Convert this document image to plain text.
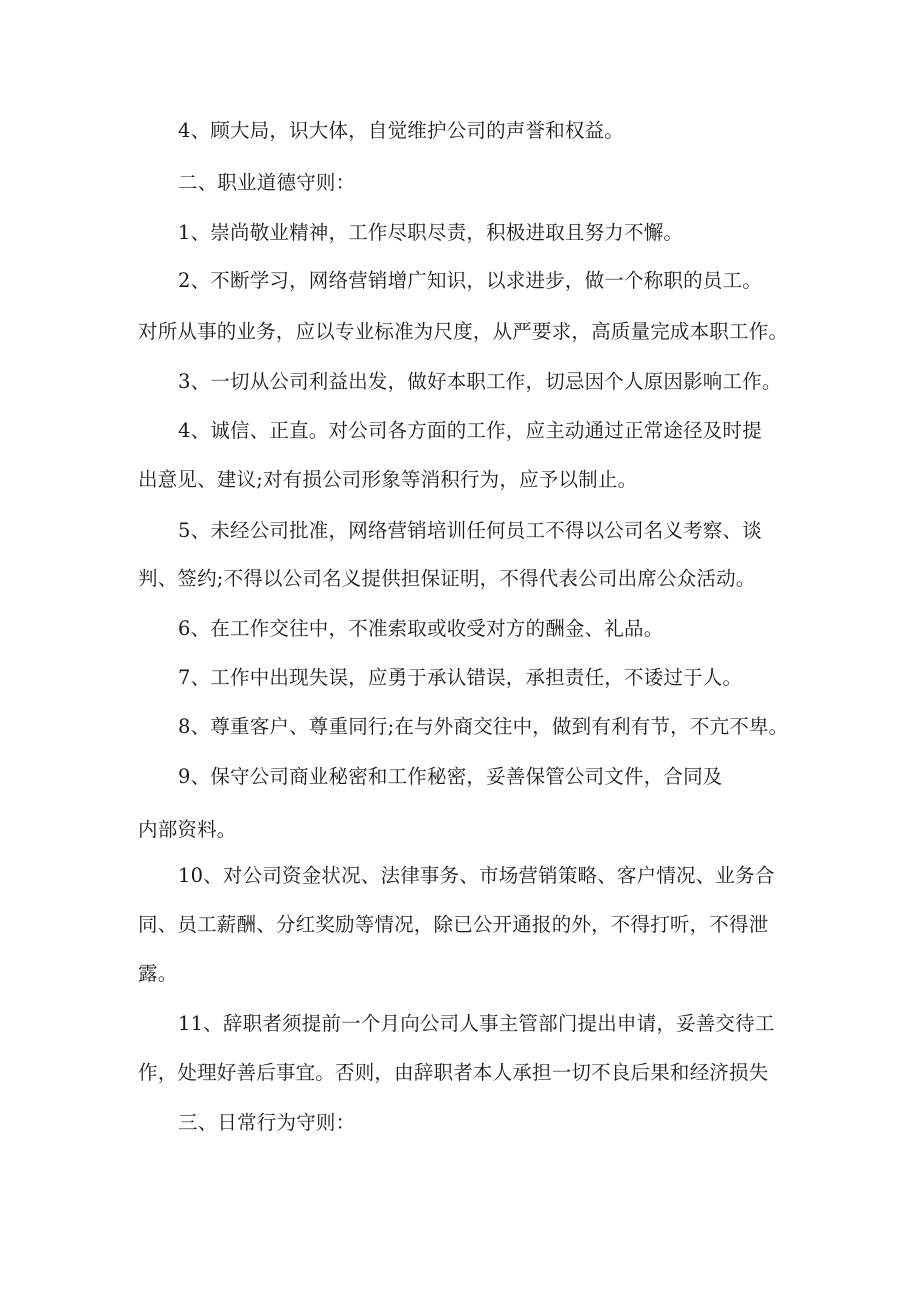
4、顾大局，识大体，自觉维护公司的声誉和权益。
二、职业道德守则：
1、崇尚敬业精神，工作尽职尽责，积极进取且努力不懈。
2、不断学习，网络营销增广知识，以求进步，做一个称职的员工。
对所从事的业务，应以专业标准为尺度，从严要求，高质量完成本职工作。
3、一切从公司利益出发，做好本职工作，切忌因个人原因影响工作。
4、诚信、正直。对公司各方面的工作，应主动通过正常途径及时提
出意见、建议;对有损公司形象等消积行为，应予以制止。
5、未经公司批准，网络营销培训任何员工不得以公司名义考察、谈
判、签约;不得以公司名义提供担保证明，不得代表公司出席公众活动。
6、在工作交往中，不准索取或收受对方的酬金、礼品。
7、工作中出现失误，应勇于承认错误，承担责任，不诿过于人。
8、尊重客户、尊重同行;在与外商交往中，做到有利有节，不亢不卑。
9、保守公司商业秘密和工作秘密，妥善保管公司文件，合同及
内部资料。
10、对公司资金状况、法律事务、市场营销策略、客户情况、业务合
同、员工薪酬、分红奖励等情况，除已公开通报的外，不得打听，不得泄
露。
11、辞职者须提前一个月向公司人事主管部门提出申请，妥善交待工
作，处理好善后事宜。否则，由辞职者本人承担一切不良后果和经济损失
三、日常行为守则：
